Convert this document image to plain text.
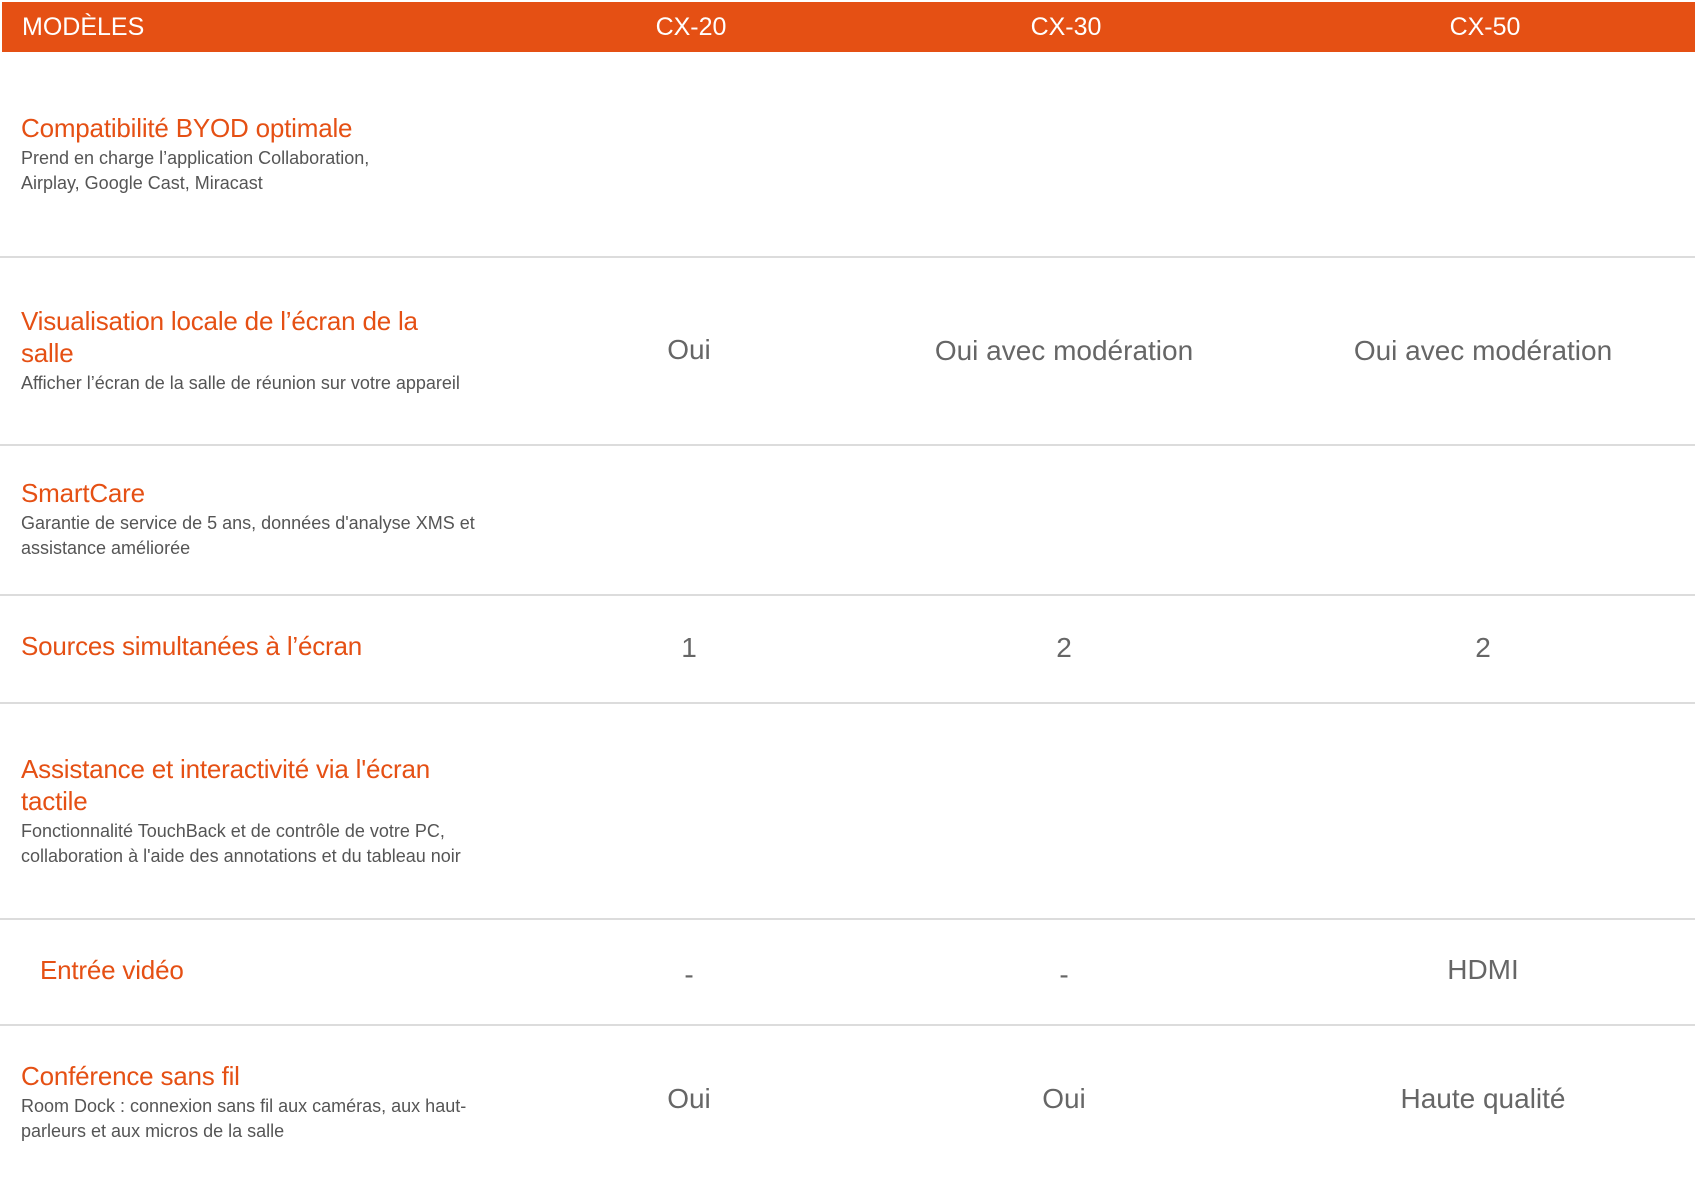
MODÈLES	CX-20	CX-30	CX-50
Compatibilité BYOD optimale
Prend en charge l’application Collaboration, Airplay, Google Cast, Miracast
Visualisation locale de l’écran de la salle
Afficher l’écran de la salle de réunion sur votre appareil
Oui	Oui avec modération	Oui avec modération
SmartCare
Garantie de service de 5 ans, données d'analyse XMS et assistance améliorée
Sources simultanées à l’écran	1	2	2
Assistance et interactivité via l'écran tactile
Fonctionnalité TouchBack et de contrôle de votre PC, collaboration à l'aide des annotations et du tableau noir
Entrée vidéo	-	-	HDMI
Conférence sans fil
Room Dock : connexion sans fil aux caméras, aux haut-parleurs et aux micros de la salle
Oui	Oui	Haute qualité
